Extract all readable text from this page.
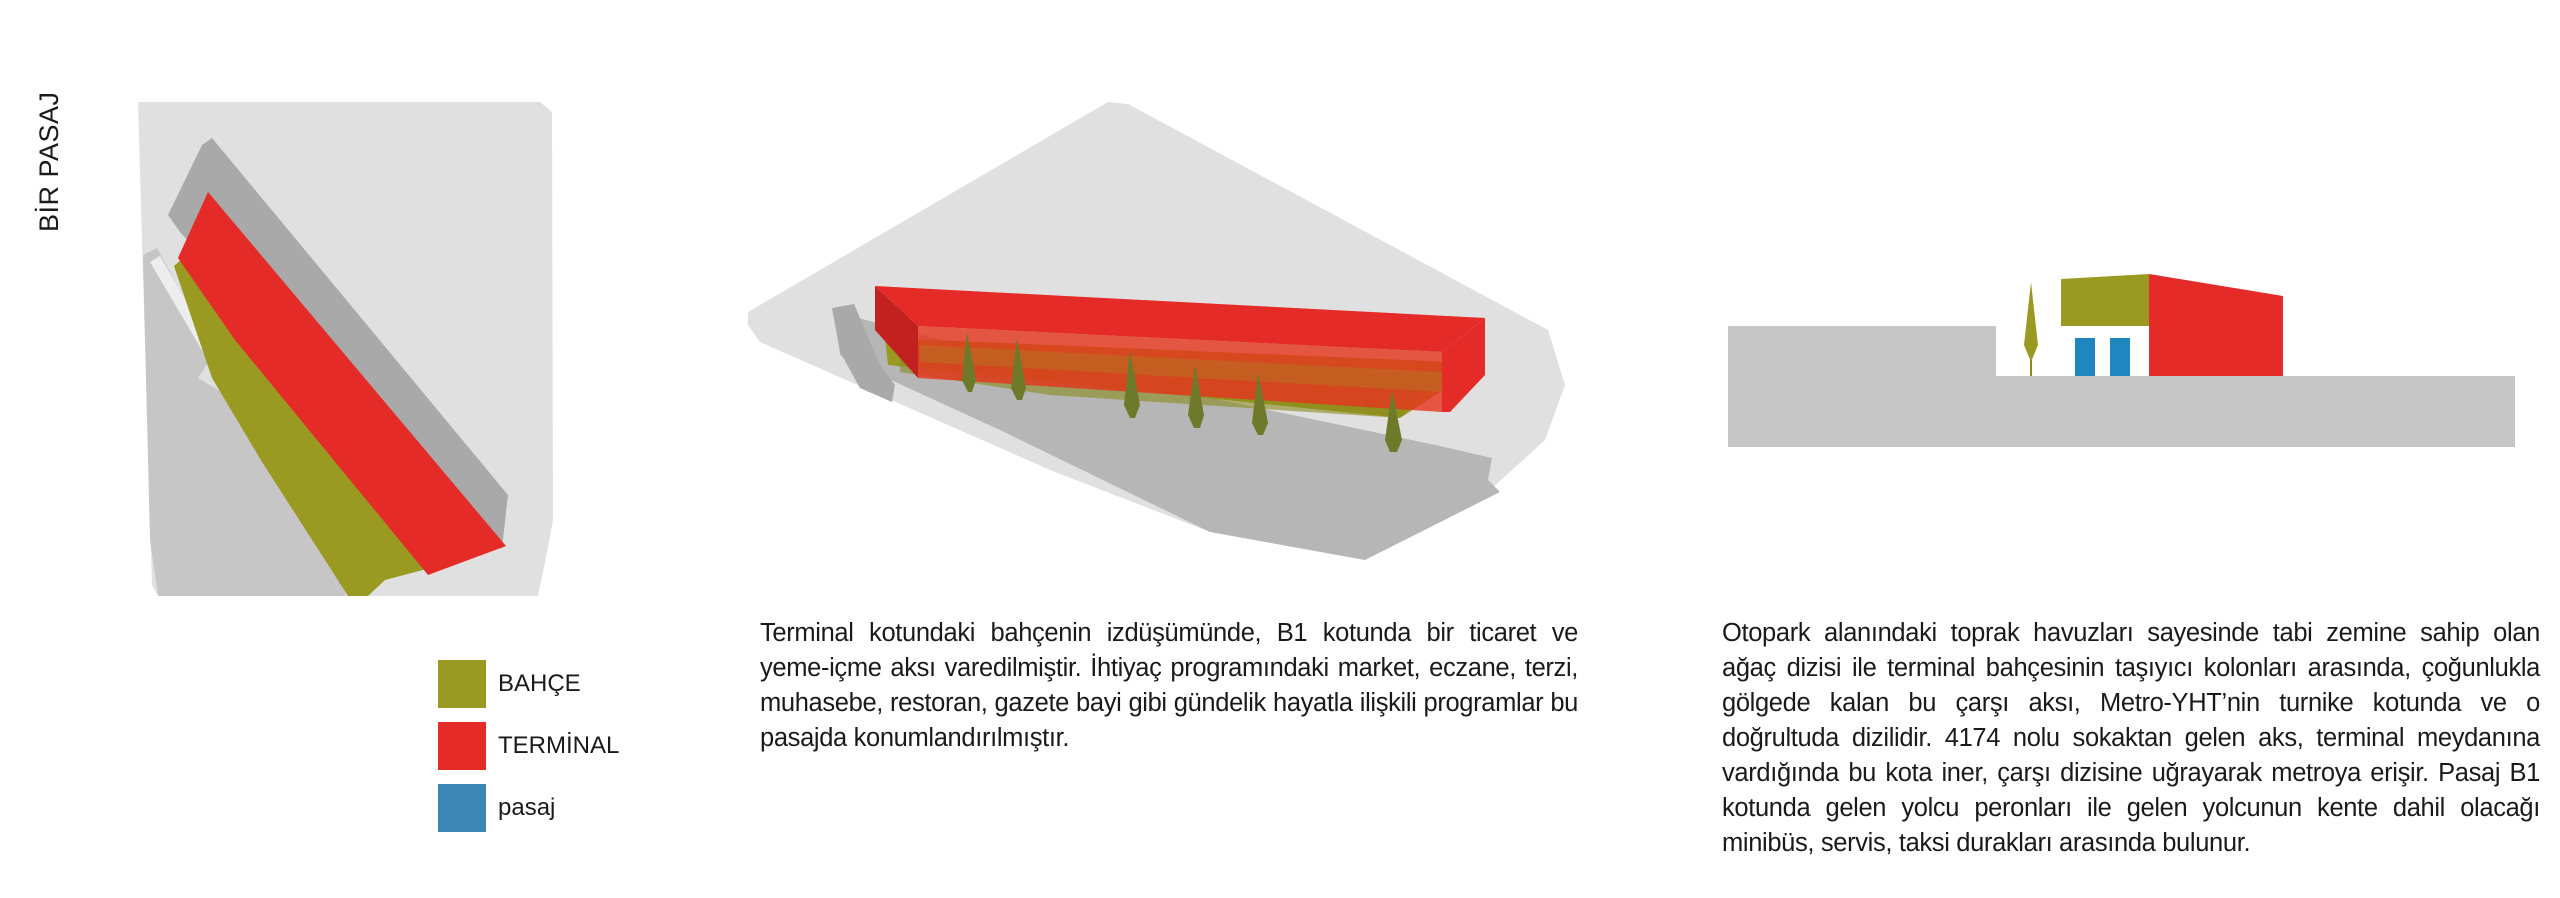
BİR PASAJ
BAHÇE
TERMİNAL
pasaj

Terminal kotundaki bahçenin izdüşümünde, B1 kotunda bir ticaret ve yeme-içme aksı varedilmiştir. İhtiyaç programındaki market, eczane, terzi, muhasebe, restoran, gazete bayi gibi gündelik hayatla ilişkili programlar bu pasajda konumlandırılmıştır.

Otopark alanındaki toprak havuzları sayesinde tabi zemine sahip olan ağaç dizisi ile terminal bahçesinin taşıyıcı kolonları arasında, çoğunlukla gölgede kalan bu çarşı aksı, Metro-YHT’nin turnike kotunda ve o doğrultuda dizilidir. 4174 nolu sokaktan gelen aks, terminal meydanına vardığında bu kota iner, çarşı dizisine uğrayarak metroya erişir. Pasaj B1 kotunda gelen yolcu peronları ile gelen yolcunun kente dahil olacağı minibüs, servis, taksi durakları arasında bulunur.
